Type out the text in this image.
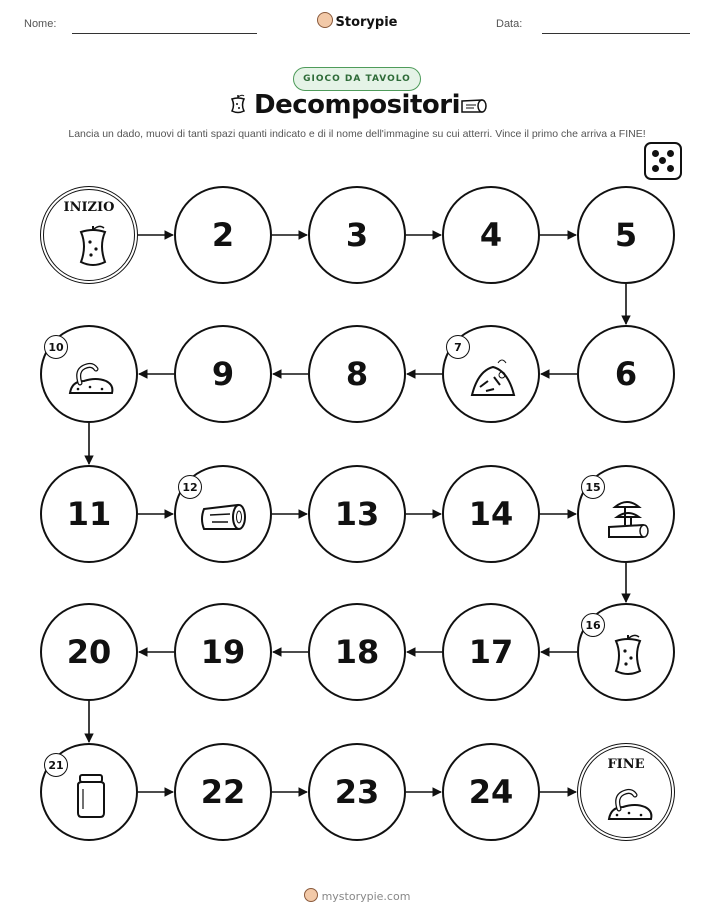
Nome:	Storypie	Data:
GIOCO DA TAVOLO
Decompositori
Lancia un dado, muovi di tanti spazi quanti indicato e di il nome dell'immagine su cui atterri. Vince il primo che arriva a FINE!
INIZIO
2	3	4	5
6
7
8
9
10
11
12
13	14
15
16
17
18
19
20
21
22	23	24
FINE
mystorypie.com
